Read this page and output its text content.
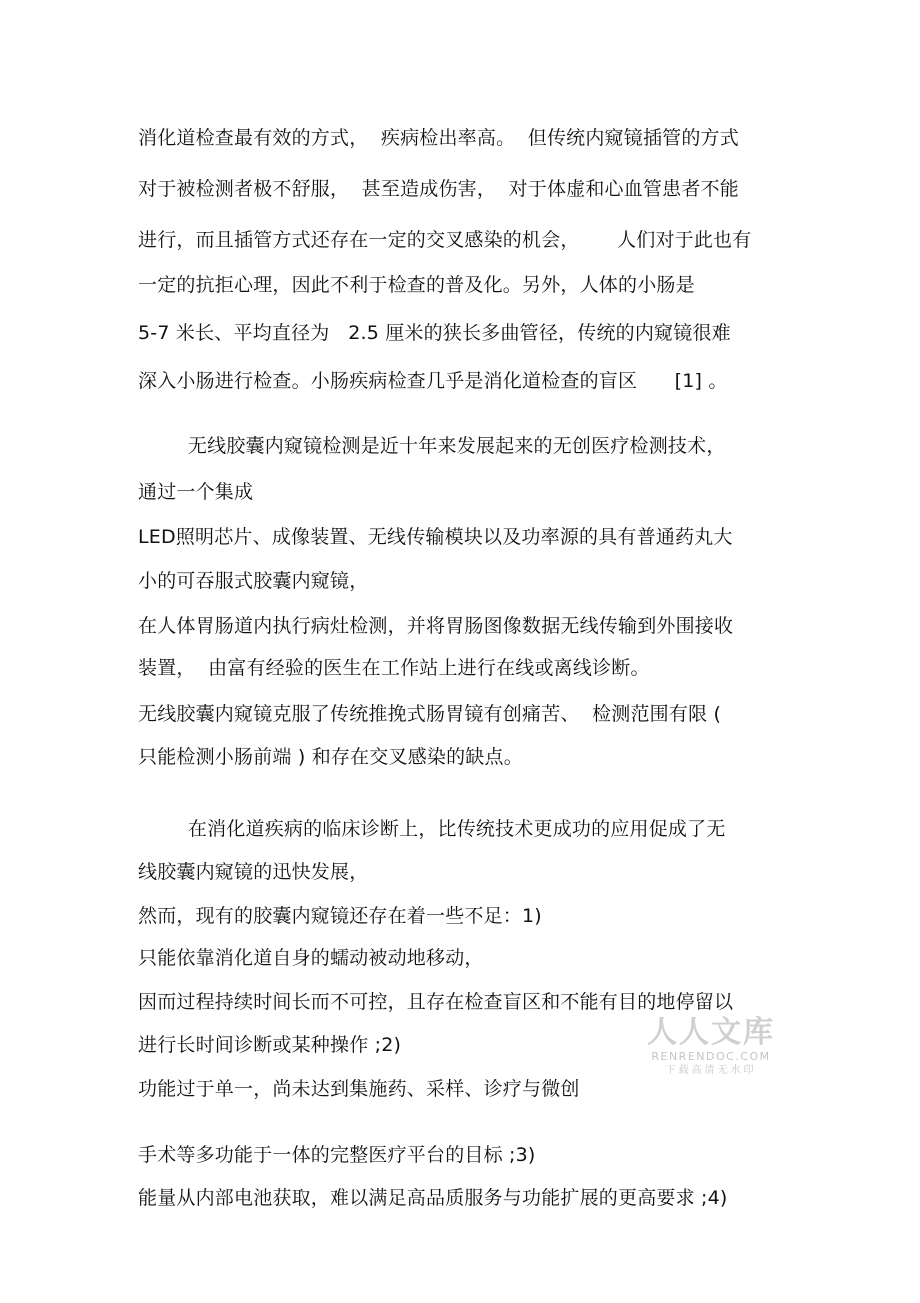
消化道检查最有效的方式，  疾病检出率高。  但传统内窥镜插管的方式
对于被检测者极不舒服，  甚至造成伤害，  对于体虚和心血管患者不能
进行，而且插管方式还存在一定的交叉感染的机会，      人们对于此也有
一定的抗拒心理，因此不利于检查的普及化。另外，人体的小肠是
5-7 米长、平均直径为   2.5 厘米的狭长多曲管径，传统的内窥镜很难
深入小肠进行检查。小肠疾病检查几乎是消化道检查的盲区      [1] 。
无线胶囊内窥镜检测是近十年来发展起来的无创医疗检测技术，
通过一个集成
LED照明芯片、成像装置、无线传输模块以及功率源的具有普通药丸大
小的可吞服式胶囊内窥镜，
在人体胃肠道内执行病灶检测，并将胃肠图像数据无线传输到外围接收
装置，  由富有经验的医生在工作站上进行在线或离线诊断。
无线胶囊内窥镜克服了传统推挽式肠胃镜有创痛苦、  检测范围有限 (
只能检测小肠前端 ) 和存在交叉感染的缺点。
在消化道疾病的临床诊断上，比传统技术更成功的应用促成了无
线胶囊内窥镜的迅快发展，
然而，现有的胶囊内窥镜还存在着一些不足：1)
只能依靠消化道自身的蠕动被动地移动，
因而过程持续时间长而不可控，且存在检查盲区和不能有目的地停留以
进行长时间诊断或某种操作 ;2)
功能过于单一，尚未达到集施药、采样、诊疗与微创
手术等多功能于一体的完整医疗平台的目标 ;3)
能量从内部电池获取，难以满足高品质服务与功能扩展的更高要求 ;4)
人人文库
RENRENDOC.COM
下载高清无水印
